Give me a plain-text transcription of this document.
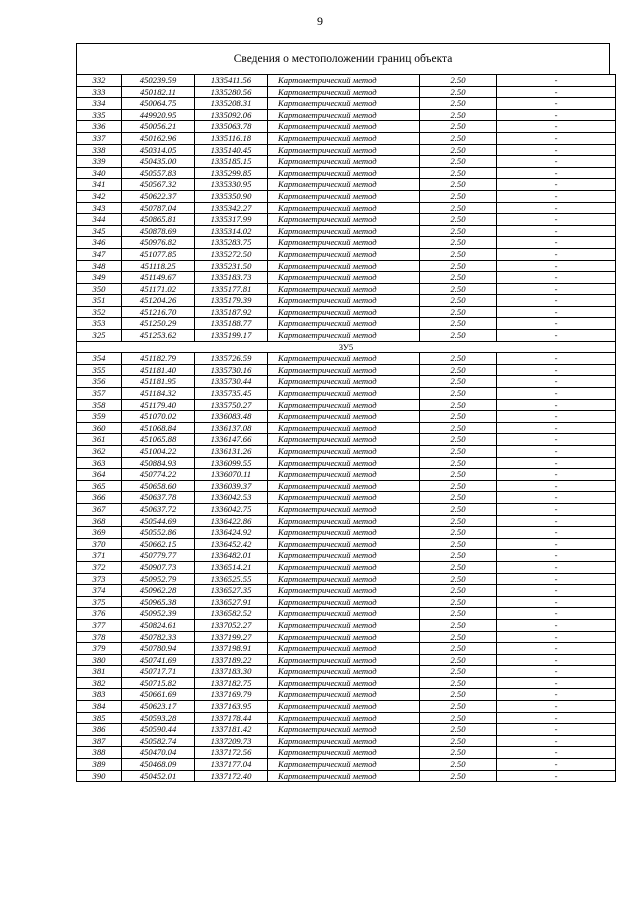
9
Сведения о местоположении границ объекта
332	450239.59	1335411.56	Картометрический метод	2.50	-
333	450182.11	1335280.56	Картометрический метод	2.50	-
334	450064.75	1335208.31	Картометрический метод	2.50	-
335	449920.95	1335092.06	Картометрический метод	2.50	-
336	450056.21	1335063.78	Картометрический метод	2.50	-
337	450162.96	1335116.18	Картометрический метод	2.50	-
338	450314.05	1335140.45	Картометрический метод	2.50	-
339	450435.00	1335185.15	Картометрический метод	2.50	-
340	450557.83	1335299.85	Картометрический метод	2.50	-
341	450567.32	1335330.95	Картометрический метод	2.50	-
342	450622.37	1335350.90	Картометрический метод	2.50	-
343	450787.04	1335342.27	Картометрический метод	2.50	-
344	450865.81	1335317.99	Картометрический метод	2.50	-
345	450878.69	1335314.02	Картометрический метод	2.50	-
346	450976.82	1335283.75	Картометрический метод	2.50	-
347	451077.85	1335272.50	Картометрический метод	2.50	-
348	451118.25	1335231.50	Картометрический метод	2.50	-
349	451149.67	1335183.73	Картометрический метод	2.50	-
350	451171.02	1335177.81	Картометрический метод	2.50	-
351	451204.26	1335179.39	Картометрический метод	2.50	-
352	451216.70	1335187.92	Картометрический метод	2.50	-
353	451250.29	1335188.77	Картометрический метод	2.50	-
325	451253.62	1335199.17	Картометрический метод	2.50	-
ЗУ5					
354	451182.79	1335726.59	Картометрический метод	2.50	-
355	451181.40	1335730.16	Картометрический метод	2.50	-
356	451181.95	1335730.44	Картометрический метод	2.50	-
357	451184.32	1335735.45	Картометрический метод	2.50	-
358	451179.40	1335750.27	Картометрический метод	2.50	-
359	451070.02	1336083.48	Картометрический метод	2.50	-
360	451068.84	1336137.08	Картометрический метод	2.50	-
361	451065.88	1336147.66	Картометрический метод	2.50	-
362	451004.22	1336131.26	Картометрический метод	2.50	-
363	450884.93	1336099.55	Картометрический метод	2.50	-
364	450774.22	1336070.11	Картометрический метод	2.50	-
365	450658.60	1336039.37	Картометрический метод	2.50	-
366	450637.78	1336042.53	Картометрический метод	2.50	-
367	450637.72	1336042.75	Картометрический метод	2.50	-
368	450544.69	1336422.86	Картометрический метод	2.50	-
369	450552.86	1336424.92	Картометрический метод	2.50	-
370	450662.15	1336452.42	Картометрический метод	2.50	-
371	450779.77	1336482.01	Картометрический метод	2.50	-
372	450907.73	1336514.21	Картометрический метод	2.50	-
373	450952.79	1336525.55	Картометрический метод	2.50	-
374	450962.28	1336527.35	Картометрический метод	2.50	-
375	450965.38	1336527.91	Картометрический метод	2.50	-
376	450952.39	1336582.52	Картометрический метод	2.50	-
377	450824.61	1337052.27	Картометрический метод	2.50	-
378	450782.33	1337199.27	Картометрический метод	2.50	-
379	450780.94	1337198.91	Картометрический метод	2.50	-
380	450741.69	1337189.22	Картометрический метод	2.50	-
381	450717.71	1337183.30	Картометрический метод	2.50	-
382	450715.82	1337182.75	Картометрический метод	2.50	-
383	450661.69	1337169.79	Картометрический метод	2.50	-
384	450623.17	1337163.95	Картометрический метод	2.50	-
385	450593.28	1337178.44	Картометрический метод	2.50	-
386	450590.44	1337181.42	Картометрический метод	2.50	-
387	450582.74	1337209.73	Картометрический метод	2.50	-
388	450470.04	1337172.56	Картометрический метод	2.50	-
389	450468.09	1337177.04	Картометрический метод	2.50	-
390	450452.01	1337172.40	Картометрический метод	2.50	-
